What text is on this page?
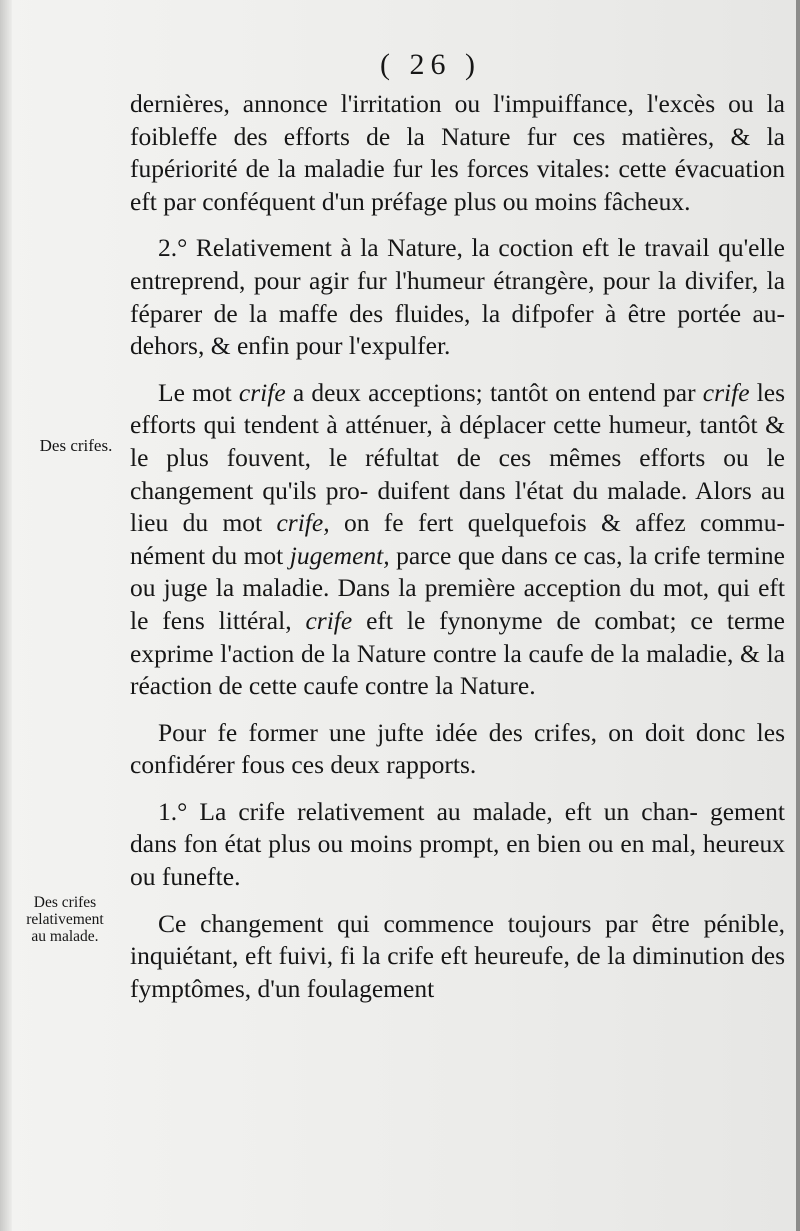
( 26 )
Des crifes.
Des crifes
relativement
au malade.

dernières, annonce l'irritation ou l'impuiffance, l'excès ou la foibleffe des efforts de la Nature fur ces matières, & la fupériorité de la maladie fur les forces vitales: cette évacuation eft par conféquent d'un préfage plus ou moins fâcheux.

2.° Relativement à la Nature, la coction eft le travail qu'elle entreprend, pour agir fur l'humeur étrangère, pour la divifer, la féparer de la maffe des fluides, la difpofer à être portée au-dehors, & enfin pour l'expulfer.

Le mot crife a deux acceptions; tantôt on entend par crife les efforts qui tendent à atténuer, à déplacer cette humeur, tantôt & le plus fouvent, le réfultat de ces mêmes efforts ou le changement qu'ils pro- duifent dans l'état du malade. Alors au lieu du mot crife, on fe fert quelquefois & affez commu- nément du mot jugement, parce que dans ce cas, la crife termine ou juge la maladie. Dans la première acception du mot, qui eft le fens littéral, crife eft le fynonyme de combat; ce terme exprime l'action de la Nature contre la caufe de la maladie, & la réaction de cette caufe contre la Nature.

Pour fe former une jufte idée des crifes, on doit donc les confidérer fous ces deux rapports.

1.° La crife relativement au malade, eft un chan- gement dans fon état plus ou moins prompt, en bien ou en mal, heureux ou funefte.

Ce changement qui commence toujours par être pénible, inquiétant, eft fuivi, fi la crife eft heureufe, de la diminution des fymptômes, d'un foulagement
